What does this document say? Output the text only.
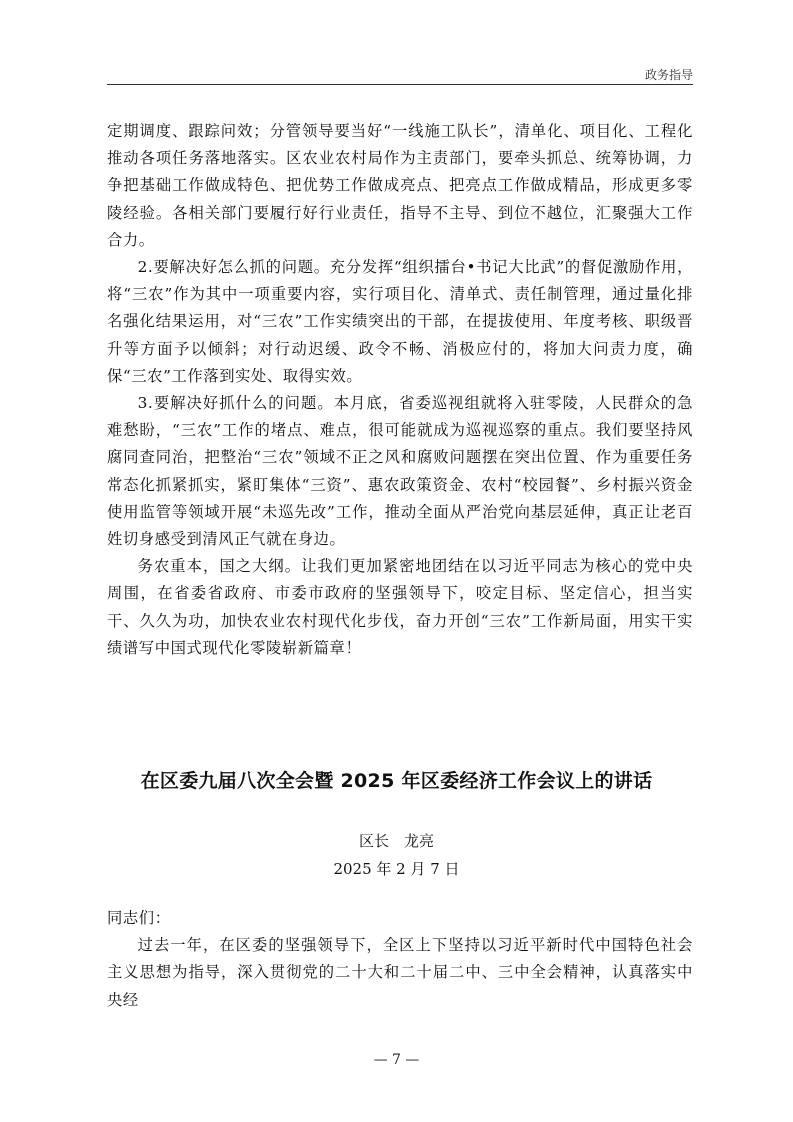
政务指导

定期调度、跟踪问效；分管领导要当好“一线施工队长”，清单化、项目化、工程化推动各项任务落地落实。区农业农村局作为主责部门，要牵头抓总、统筹协调，力争把基础工作做成特色、把优势工作做成亮点、把亮点工作做成精品，形成更多零陵经验。各相关部门要履行好行业责任，指导不主导、到位不越位，汇聚强大工作合力。

2.要解决好怎么抓的问题。充分发挥“组织擂台•书记大比武”的督促激励作用，将“三农”作为其中一项重要内容，实行项目化、清单式、责任制管理，通过量化排名强化结果运用，对“三农”工作实绩突出的干部，在提拔使用、年度考核、职级晋升等方面予以倾斜；对行动迟缓、政令不畅、消极应付的，将加大问责力度，确保“三农”工作落到实处、取得实效。

3.要解决好抓什么的问题。本月底，省委巡视组就将入驻零陵，人民群众的急难愁盼，“三农”工作的堵点、难点，很可能就成为巡视巡察的重点。我们要坚持风腐同查同治，把整治“三农”领域不正之风和腐败问题摆在突出位置、作为重要任务常态化抓紧抓实，紧盯集体“三资”、惠农政策资金、农村“校园餐”、乡村振兴资金使用监管等领域开展“未巡先改”工作，推动全面从严治党向基层延伸，真正让老百姓切身感受到清风正气就在身边。

务农重本，国之大纲。让我们更加紧密地团结在以习近平同志为核心的党中央周围，在省委省政府、市委市政府的坚强领导下，咬定目标、坚定信心，担当实干、久久为功，加快农业农村现代化步伐，奋力开创“三农”工作新局面，用实干实绩谱写中国式现代化零陵崭新篇章！

在区委九届八次全会暨 2025 年区委经济工作会议上的讲话
区长　龙亮
2025 年 2 月 7 日

同志们：

过去一年，在区委的坚强领导下，全区上下坚持以习近平新时代中国特色社会主义思想为指导，深入贯彻党的二十大和二十届二中、三中全会精神，认真落实中央经

— 7 —
